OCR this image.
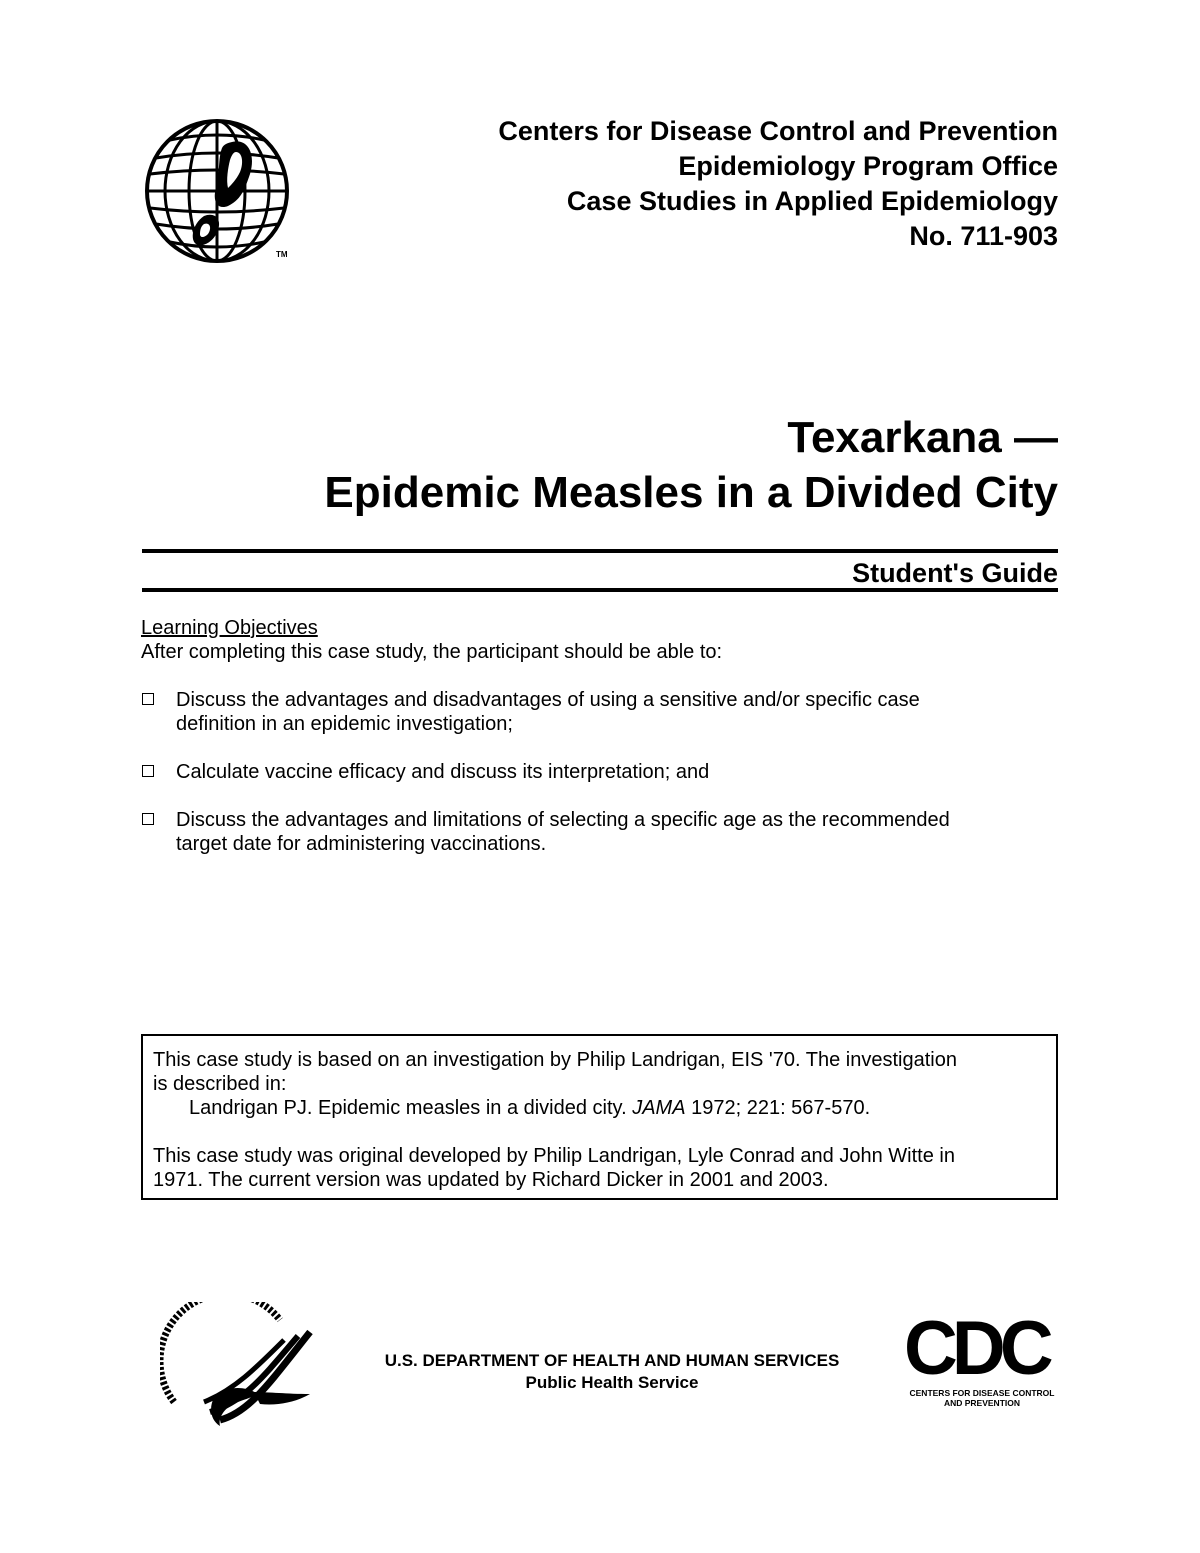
TM
Centers for Disease Control and Prevention
Epidemiology Program Office
Case Studies in Applied Epidemiology
No. 711-903
Texarkana —
Epidemic Measles in a Divided City
Student's Guide
Learning Objectives
After completing this case study, the participant should be able to:
Discuss the advantages and disadvantages of using a sensitive and/or specific case
definition in an epidemic investigation;
Calculate vaccine efficacy and discuss its interpretation; and
Discuss the advantages and limitations of selecting a specific age as the recommended
target date for administering vaccinations.
This case study is based on an investigation by Philip Landrigan, EIS '70. The investigation
is described in:
Landrigan PJ. Epidemic measles in a divided city. JAMA 1972; 221: 567-570.
This case study was original developed by Philip Landrigan, Lyle Conrad and John Witte in
1971. The current version was updated by Richard Dicker in 2001 and 2003.
U.S. DEPARTMENT OF HEALTH AND HUMAN SERVICES
Public Health Service	CDC
CENTERS FOR DISEASE CONTROL
AND PREVENTION
